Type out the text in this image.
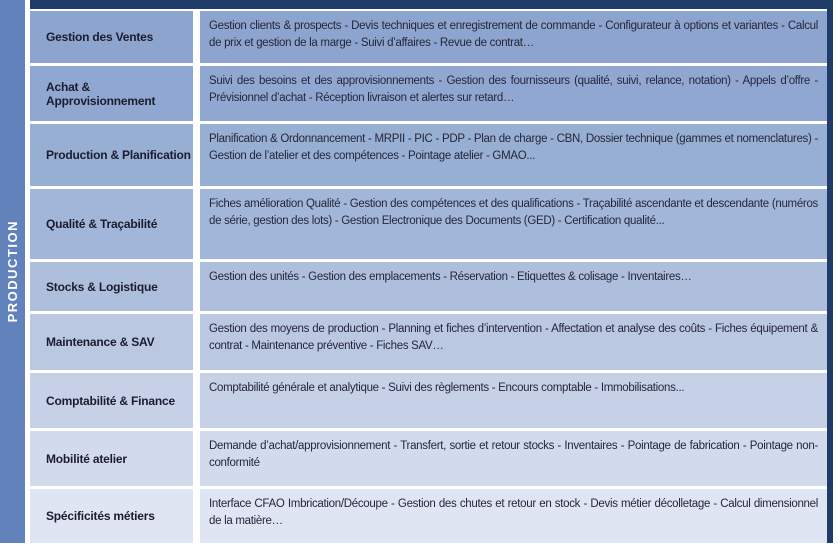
PRODUCTION
Gestion des Ventes
Gestion clients & prospects - Devis techniques et enregistrement de commande - Configurateur à options et variantes - Calcul de prix et gestion de la marge - Suivi d’affaires - Revue de contrat…
Achat & Approvisionnement
Suivi des besoins et des approvisionnements - Gestion des fournisseurs (qualité, suivi, relance, notation) - Appels d’offre - Prévisionnel d’achat - Réception livraison et alertes sur retard…
Production & Planification
Planification & Ordonnancement - MRPII - PIC - PDP - Plan de charge - CBN, Dossier technique (gammes et nomenclatures) - Gestion de l’atelier et des compétences - Pointage atelier - GMAO...
Qualité & Traçabilité
Fiches amélioration Qualité - Gestion des compétences et des qualifications - Traçabilité ascendante et descendante (numéros de série, gestion des lots) - Gestion Electronique des Documents (GED) - Certification qualité...
Stocks & Logistique
Gestion des unités - Gestion des emplacements - Réservation - Etiquettes & colisage - Inventaires…
Maintenance & SAV
Gestion des moyens de production - Planning et fiches d’intervention - Affectation et analyse des coûts - Fiches équipement & contrat - Maintenance préventive - Fiches SAV…
Comptabilité & Finance
Comptabilité générale et analytique - Suivi des règlements - Encours comptable - Immobilisations...
Mobilité atelier
Demande d’achat/approvisionnement - Transfert, sortie et retour stocks - Inventaires - Pointage de fabrication - Pointage non-conformité
Spécificités métiers
Interface CFAO Imbrication/Découpe - Gestion des chutes et retour en stock - Devis métier décolletage - Calcul dimensionnel de la matière…
